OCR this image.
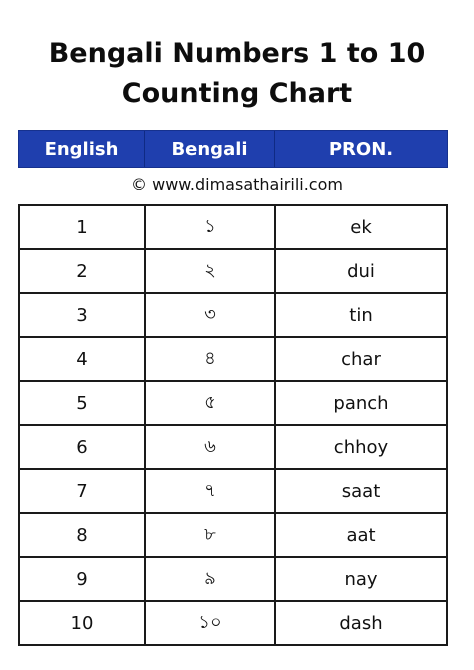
Bengali Numbers 1 to 10
Counting Chart
English	Bengali	PRON.
© www.dimasathairili.com
1	১	ek
2	২	dui
3	৩	tin
4	৪	char
5	৫	panch
6	৬	chhoy
7	৭	saat
8	৮	aat
9	৯	nay
10	১০	dash
